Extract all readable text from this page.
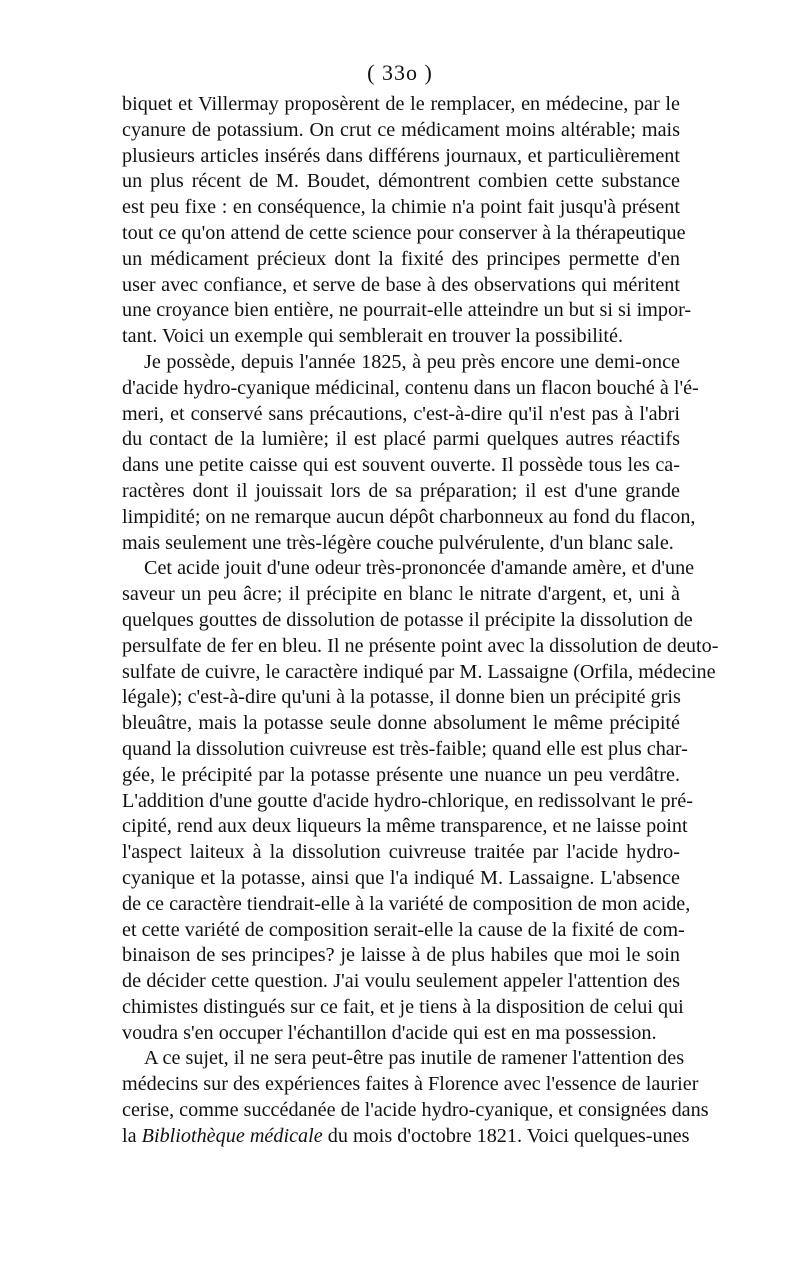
( 33o )
biquet et Villermay proposèrent de le remplacer, en médecine, par le
cyanure de potassium. On crut ce médicament moins altérable; mais
plusieurs articles insérés dans différens journaux, et particulièrement
un plus récent de M. Boudet, démontrent combien cette substance
est peu fixe : en conséquence, la chimie n'a point fait jusqu'à présent
tout ce qu'on attend de cette science pour conserver à la thérapeutique
un médicament précieux dont la fixité des principes permette d'en
user avec confiance, et serve de base à des observations qui méritent
une croyance bien entière, ne pourrait-elle atteindre un but si si impor-
tant. Voici un exemple qui semblerait en trouver la possibilité.
Je possède, depuis l'année 1825, à peu près encore une demi-once
d'acide hydro-cyanique médicinal, contenu dans un flacon bouché à l'é-
meri, et conservé sans précautions, c'est-à-dire qu'il n'est pas à l'abri
du contact de la lumière; il est placé parmi quelques autres réactifs
dans une petite caisse qui est souvent ouverte. Il possède tous les ca-
ractères dont il jouissait lors de sa préparation; il est d'une grande
limpidité; on ne remarque aucun dépôt charbonneux au fond du flacon,
mais seulement une très-légère couche pulvérulente, d'un blanc sale.
Cet acide jouit d'une odeur très-prononcée d'amande amère, et d'une
saveur un peu âcre; il précipite en blanc le nitrate d'argent, et, uni à
quelques gouttes de dissolution de potasse il précipite la dissolution de
persulfate de fer en bleu. Il ne présente point avec la dissolution de deuto-
sulfate de cuivre, le caractère indiqué par M. Lassaigne (Orfila, médecine
légale); c'est-à-dire qu'uni à la potasse, il donne bien un précipité gris
bleuâtre, mais la potasse seule donne absolument le même précipité
quand la dissolution cuivreuse est très-faible; quand elle est plus char-
gée, le précipité par la potasse présente une nuance un peu verdâtre.
L'addition d'une goutte d'acide hydro-chlorique, en redissolvant le pré-
cipité, rend aux deux liqueurs la même transparence, et ne laisse point
l'aspect laiteux à la dissolution cuivreuse traitée par l'acide hydro-
cyanique et la potasse, ainsi que l'a indiqué M. Lassaigne. L'absence
de ce caractère tiendrait-elle à la variété de composition de mon acide,
et cette variété de composition serait-elle la cause de la fixité de com-
binaison de ses principes? je laisse à de plus habiles que moi le soin
de décider cette question. J'ai voulu seulement appeler l'attention des
chimistes distingués sur ce fait, et je tiens à la disposition de celui qui
voudra s'en occuper l'échantillon d'acide qui est en ma possession.
A ce sujet, il ne sera peut-être pas inutile de ramener l'attention des
médecins sur des expériences faites à Florence avec l'essence de laurier
cerise, comme succédanée de l'acide hydro-cyanique, et consignées dans
la Bibliothèque médicale du mois d'octobre 1821. Voici quelques-unes
